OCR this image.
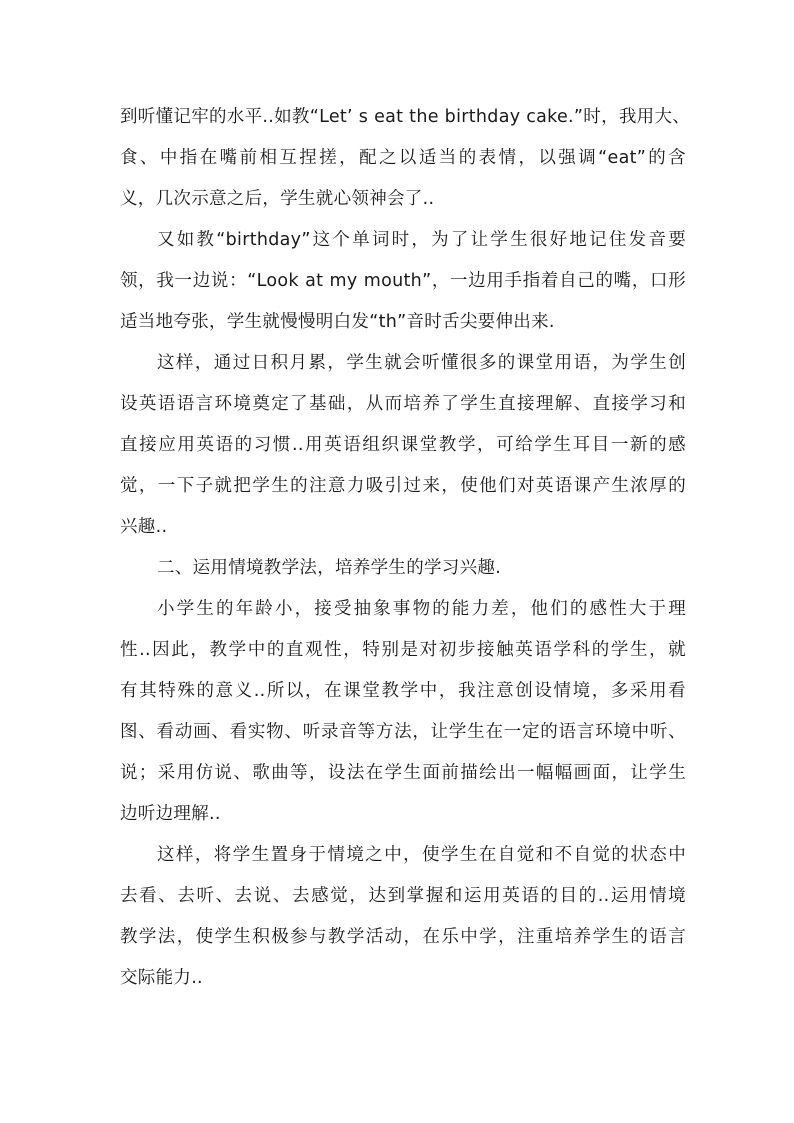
到听懂记牢的水平..如教“Let’ s eat the birthday cake.”时，我用大、
食、中指在嘴前相互捏搓，配之以适当的表情，以强调“eat”的含
义，几次示意之后，学生就心领神会了..
又如教“birthday”这个单词时，为了让学生很好地记住发音要
领，我一边说：“Look at my mouth”，一边用手指着自己的嘴，口形
适当地夸张，学生就慢慢明白发“th”音时舌尖要伸出来.
这样，通过日积月累，学生就会听懂很多的课堂用语，为学生创
设英语语言环境奠定了基础，从而培养了学生直接理解、直接学习和
直接应用英语的习惯..用英语组织课堂教学，可给学生耳目一新的感
觉，一下子就把学生的注意力吸引过来，使他们对英语课产生浓厚的
兴趣..
二、运用情境教学法，培养学生的学习兴趣.
小学生的年龄小，接受抽象事物的能力差，他们的感性大于理
性..因此，教学中的直观性，特别是对初步接触英语学科的学生，就
有其特殊的意义..所以，在课堂教学中，我注意创设情境，多采用看
图、看动画、看实物、听录音等方法，让学生在一定的语言环境中听、
说；采用仿说、歌曲等，设法在学生面前描绘出一幅幅画面，让学生
边听边理解..
这样，将学生置身于情境之中，使学生在自觉和不自觉的状态中
去看、去听、去说、去感觉，达到掌握和运用英语的目的..运用情境
教学法，使学生积极参与教学活动，在乐中学，注重培养学生的语言
交际能力..
